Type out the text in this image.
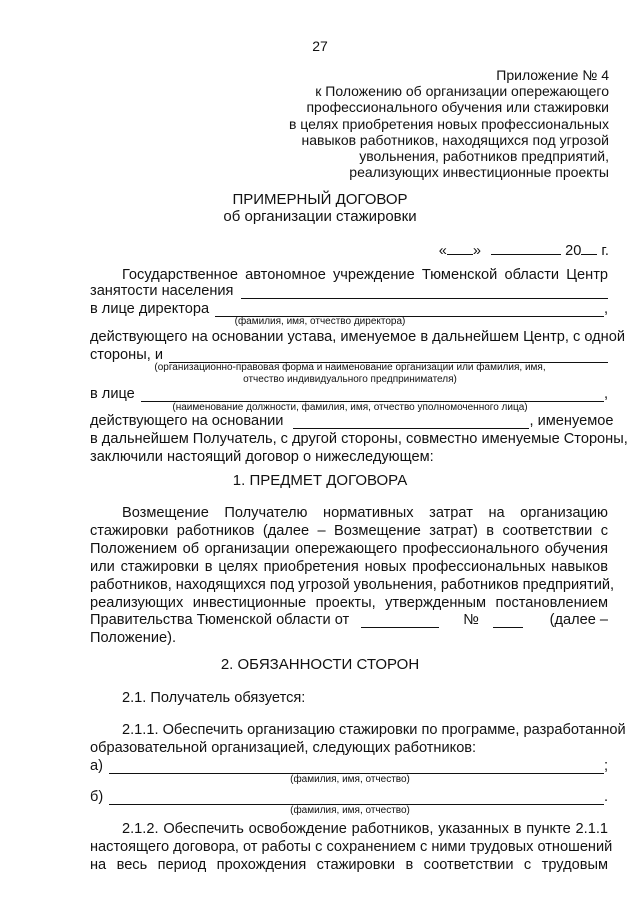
27
Приложение № 4
к Положению об организации опережающего
профессионального обучения или стажировки
в целях приобретения новых профессиональных
навыков работников, находящихся под угрозой
увольнения, работников предприятий,
реализующих инвестиционные проекты
ПРИМЕРНЫЙ ДОГОВОР
об организации стажировки
« »	20 г.
Государственное автономное учреждение Тюменской области Центр
занятости населения
в лице директора	,
(фамилия, имя, отчество директора)
действующего на основании устава, именуемое в дальнейшем Центр, с одной
стороны, и
(организационно-правовая форма и наименование организации или фамилия, имя,
отчество индивидуального предпринимателя)
в лице	,
(наименование должности, фамилия, имя, отчество уполномоченного лица)
действующего на основании	, именуемое
в дальнейшем Получатель, с другой стороны, совместно именуемые Стороны,
заключили настоящий договор о нижеследующем:
1. ПРЕДМЕТ ДОГОВОРА
Возмещение Получателю нормативных затрат на организацию
стажировки работников (далее – Возмещение затрат) в соответствии с
Положением об организации опережающего профессионального обучения
или стажировки в целях приобретения новых профессиональных навыков
работников, находящихся под угрозой увольнения, работников предприятий,
реализующих инвестиционные проекты, утвержденным постановлением
Правительства Тюменской области от	№	(далее –
Положение).
2. ОБЯЗАННОСТИ СТОРОН
2.1. Получатель обязуется:
2.1.1. Обеспечить организацию стажировки по программе, разработанной
образовательной организацией, следующих работников:
а)	;
(фамилия, имя, отчество)
б)	.
(фамилия, имя, отчество)
2.1.2. Обеспечить освобождение работников, указанных в пункте 2.1.1
настоящего договора, от работы с сохранением с ними трудовых отношений
на весь период прохождения стажировки в соответствии с трудовым
